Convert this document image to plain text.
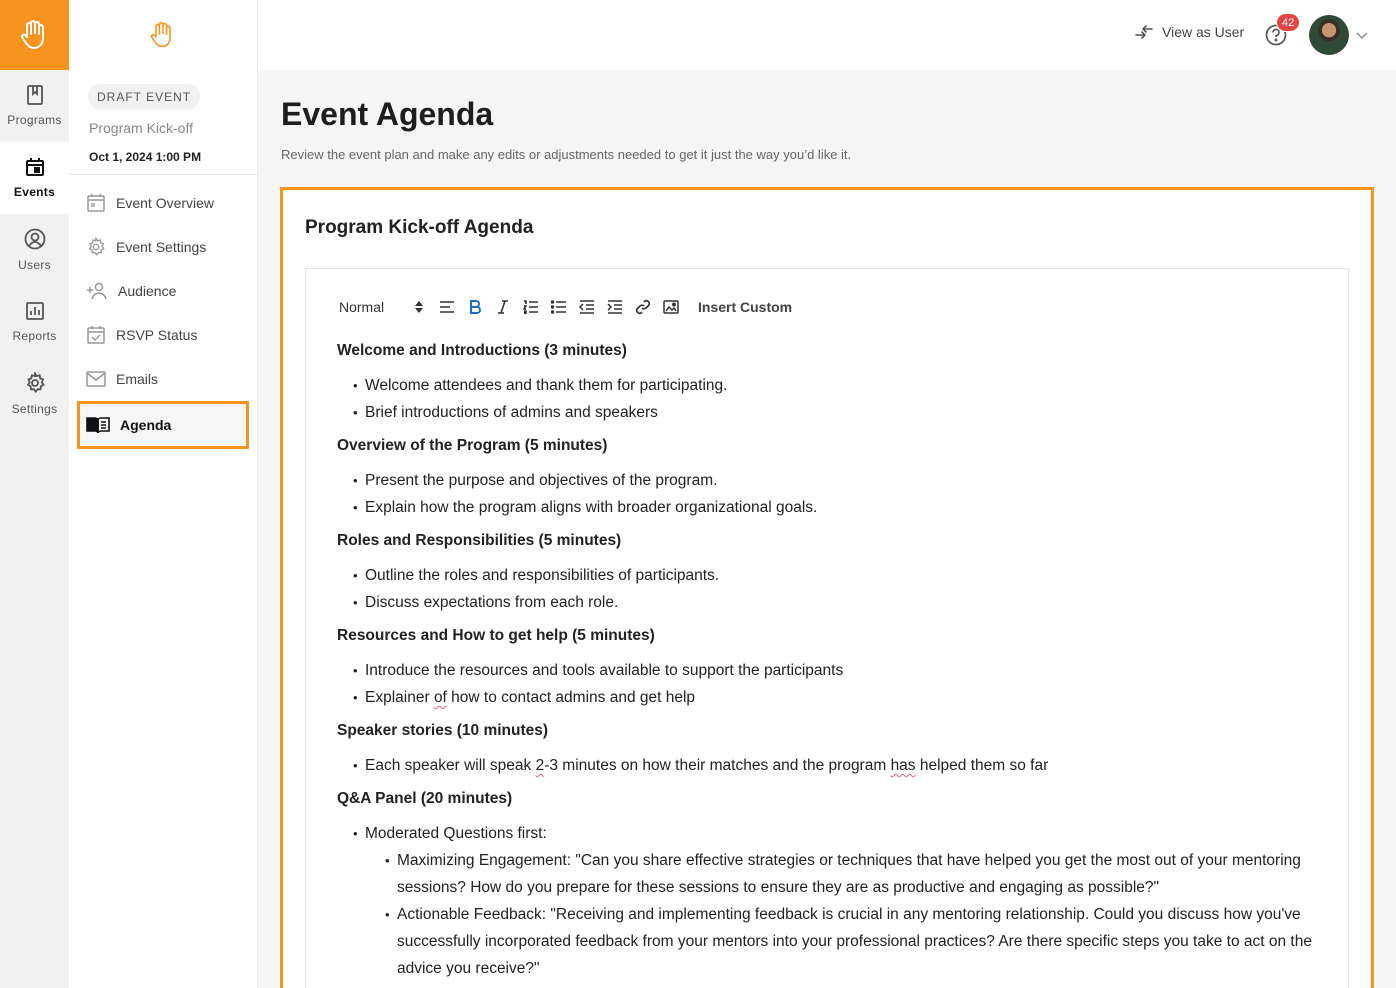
Programs
Events
Users
Reports
Settings
DRAFT EVENT
Program Kick-off
Oct 1, 2024 1:00 PM
Event Overview
Event Settings
Audience
RSVP Status
Emails
Agenda
View as User
42
Event Agenda

Review the event plan and make any edits or adjustments needed to get it just the way you’d like it.

Program Kick-off Agenda
Normal	Insert Custom
Welcome and Introductions (3 minutes)
• Welcome attendees and thank them for participating.
• Brief introductions of admins and speakers
Overview of the Program (5 minutes)
• Present the purpose and objectives of the program.
• Explain how the program aligns with broader organizational goals.
Roles and Responsibilities (5 minutes)
• Outline the roles and responsibilities of participants.
• Discuss expectations from each role.
Resources and How to get help (5 minutes)
• Introduce the resources and tools available to support the participants
• Explainer of how to contact admins and get help
Speaker stories (10 minutes)
• Each speaker will speak 2-3 minutes on how their matches and the program has helped them so far
Q&A Panel (20 minutes)
• Moderated Questions first:
• Maximizing Engagement: "Can you share effective strategies or techniques that have helped you get the most out of your mentoring sessions? How do you prepare for these sessions to ensure they are as productive and engaging as possible?"
• Actionable Feedback: "Receiving and implementing feedback is crucial in any mentoring relationship. Could you discuss how you've successfully incorporated feedback from your mentors into your professional practices? Are there specific steps you take to act on the advice you receive?"
